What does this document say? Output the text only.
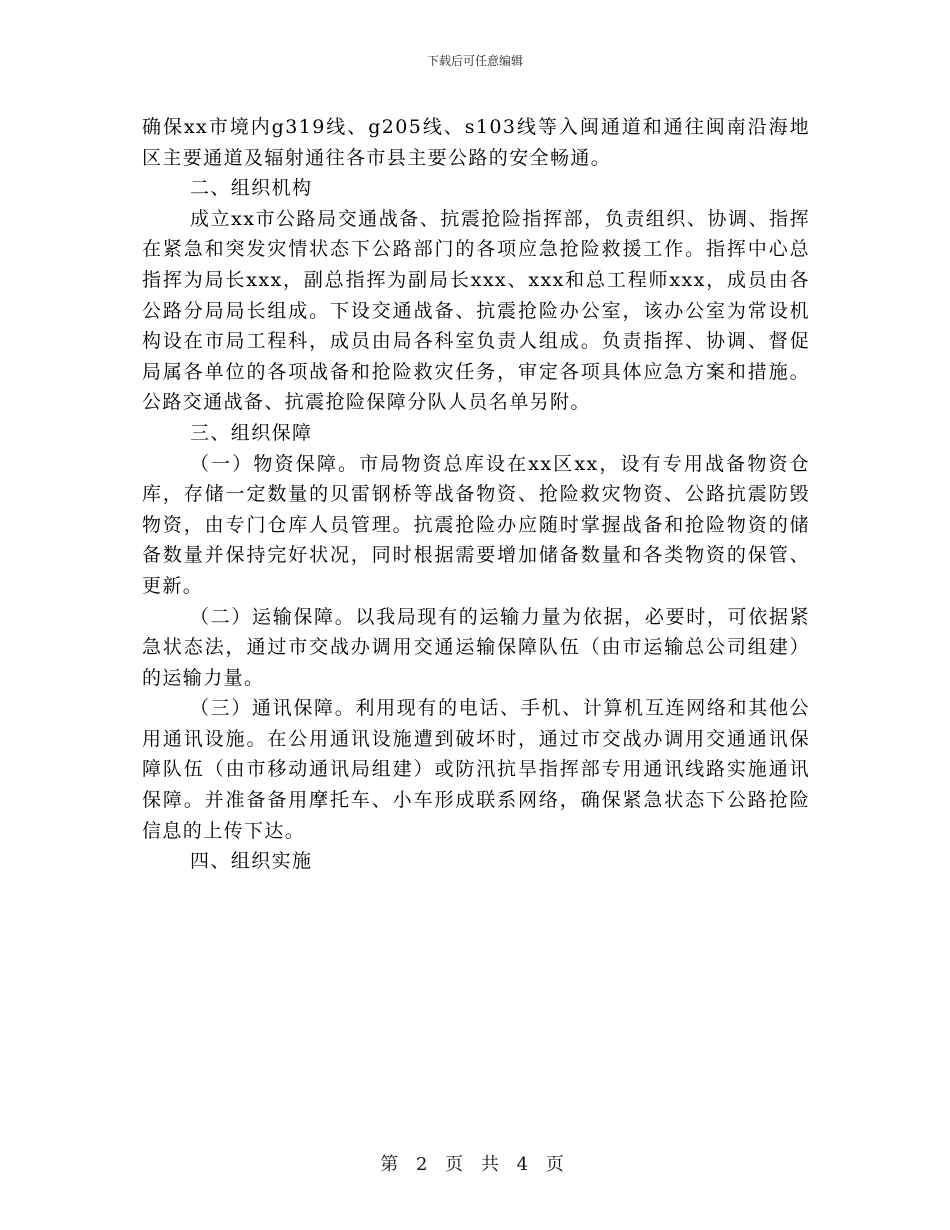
下载后可任意编辑

确保xx市境内g319线、g205线、s103线等入闽通道和通往闽南沿海地区主要通道及辐射通往各市县主要公路的安全畅通。

二、组织机构

成立xx市公路局交通战备、抗震抢险指挥部，负责组织、协调、指挥在紧急和突发灾情状态下公路部门的各项应急抢险救援工作。指挥中心总指挥为局长xxx，副总指挥为副局长xxx、xxx和总工程师xxx，成员由各公路分局局长组成。下设交通战备、抗震抢险办公室，该办公室为常设机构设在市局工程科，成员由局各科室负责人组成。负责指挥、协调、督促局属各单位的各项战备和抢险救灾任务，审定各项具体应急方案和措施。公路交通战备、抗震抢险保障分队人员名单另附。

三、组织保障

（一）物资保障。市局物资总库设在xx区xx，设有专用战备物资仓库，存储一定数量的贝雷钢桥等战备物资、抢险救灾物资、公路抗震防毁物资，由专门仓库人员管理。抗震抢险办应随时掌握战备和抢险物资的储备数量并保持完好状况，同时根据需要增加储备数量和各类物资的保管、更新。

（二）运输保障。以我局现有的运输力量为依据，必要时，可依据紧急状态法，通过市交战办调用交通运输保障队伍（由市运输总公司组建）的运输力量。

（三）通讯保障。利用现有的电话、手机、计算机互连网络和其他公用通讯设施。在公用通讯设施遭到破坏时，通过市交战办调用交通通讯保障队伍（由市移动通讯局组建）或防汛抗旱指挥部专用通讯线路实施通讯保障。并准备备用摩托车、小车形成联系网络，确保紧急状态下公路抢险信息的上传下达。

四、组织实施

第 2 页 共 4 页
